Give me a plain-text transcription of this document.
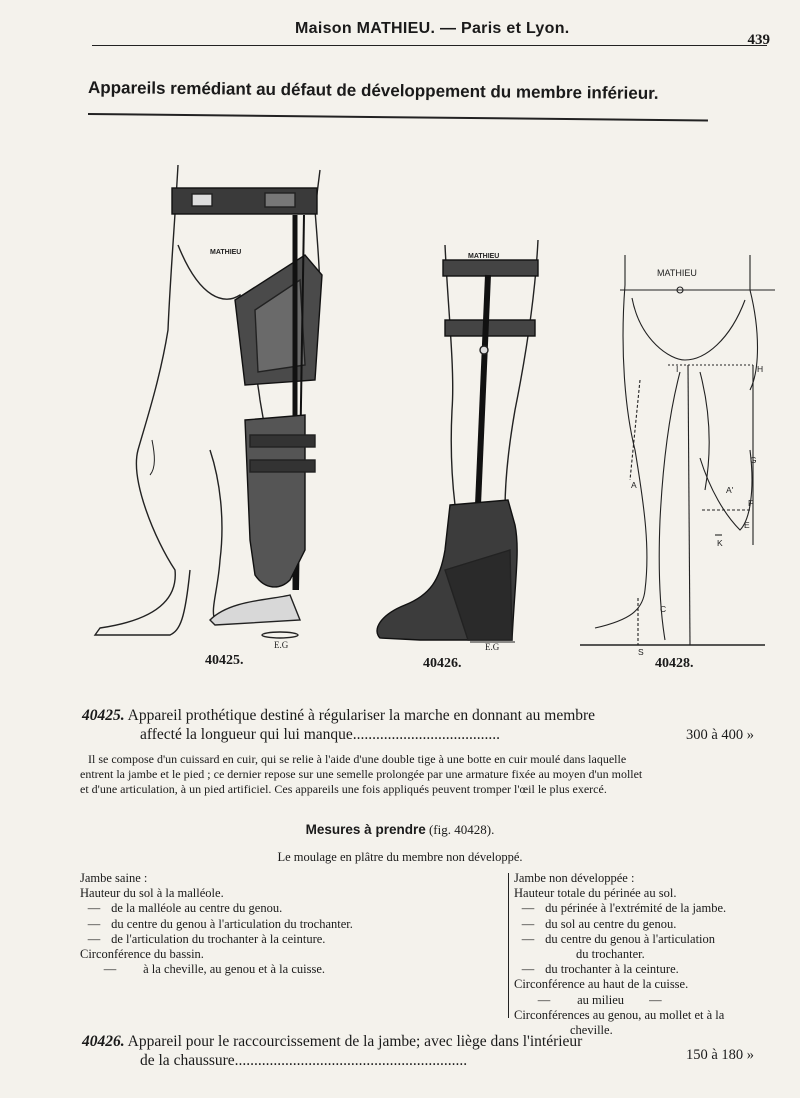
Maison MATHIEU. — Paris et Lyon.
439
Appareils remédiant au défaut de développement du membre inférieur.
MATHIEU
MATHIEU
MATHIEU
E.G	E.G
H
I
G
A	A'
F
E
K
C
S
40425.	40426.	40428.
40425. Appareil prothétique destiné à régulariser la marche en donnant au membre
affecté la longueur qui lui manque......................................	300 à 400 »
Il se compose d'un cuissard en cuir, qui se relie à l'aide d'une double tige à une botte en cuir moulé dans laquelle
entrent la jambe et le pied ; ce dernier repose sur une semelle prolongée par une armature fixée au moyen d'un mollet
et d'une articulation, à un pied artificiel. Ces appareils une fois appliqués peuvent tromper l'œil le plus exercé.
Mesures à prendre (fig. 40428).
Le moulage en plâtre du membre non développé.
Jambe saine :
Hauteur du sol à la malléole.
— de la malléole au centre du genou.
— du centre du genou à l'articulation du trochanter.
— de l'articulation du trochanter à la ceinture.
Circonférence du bassin.
— à la cheville, au genou et à la cuisse.
Jambe non développée :
Hauteur totale du périnée au sol.
— du périnée à l'extrémité de la jambe.
— du sol au centre du genou.
— du centre du genou à l'articulation
du trochanter.
— du trochanter à la ceinture.
Circonférence au haut de la cuisse.
— au milieu —
Circonférences au genou, au mollet et à la
cheville.
40426. Appareil pour le raccourcissement de la jambe; avec liège dans l'intérieur
de la chaussure............................................................	150 à 180 »
